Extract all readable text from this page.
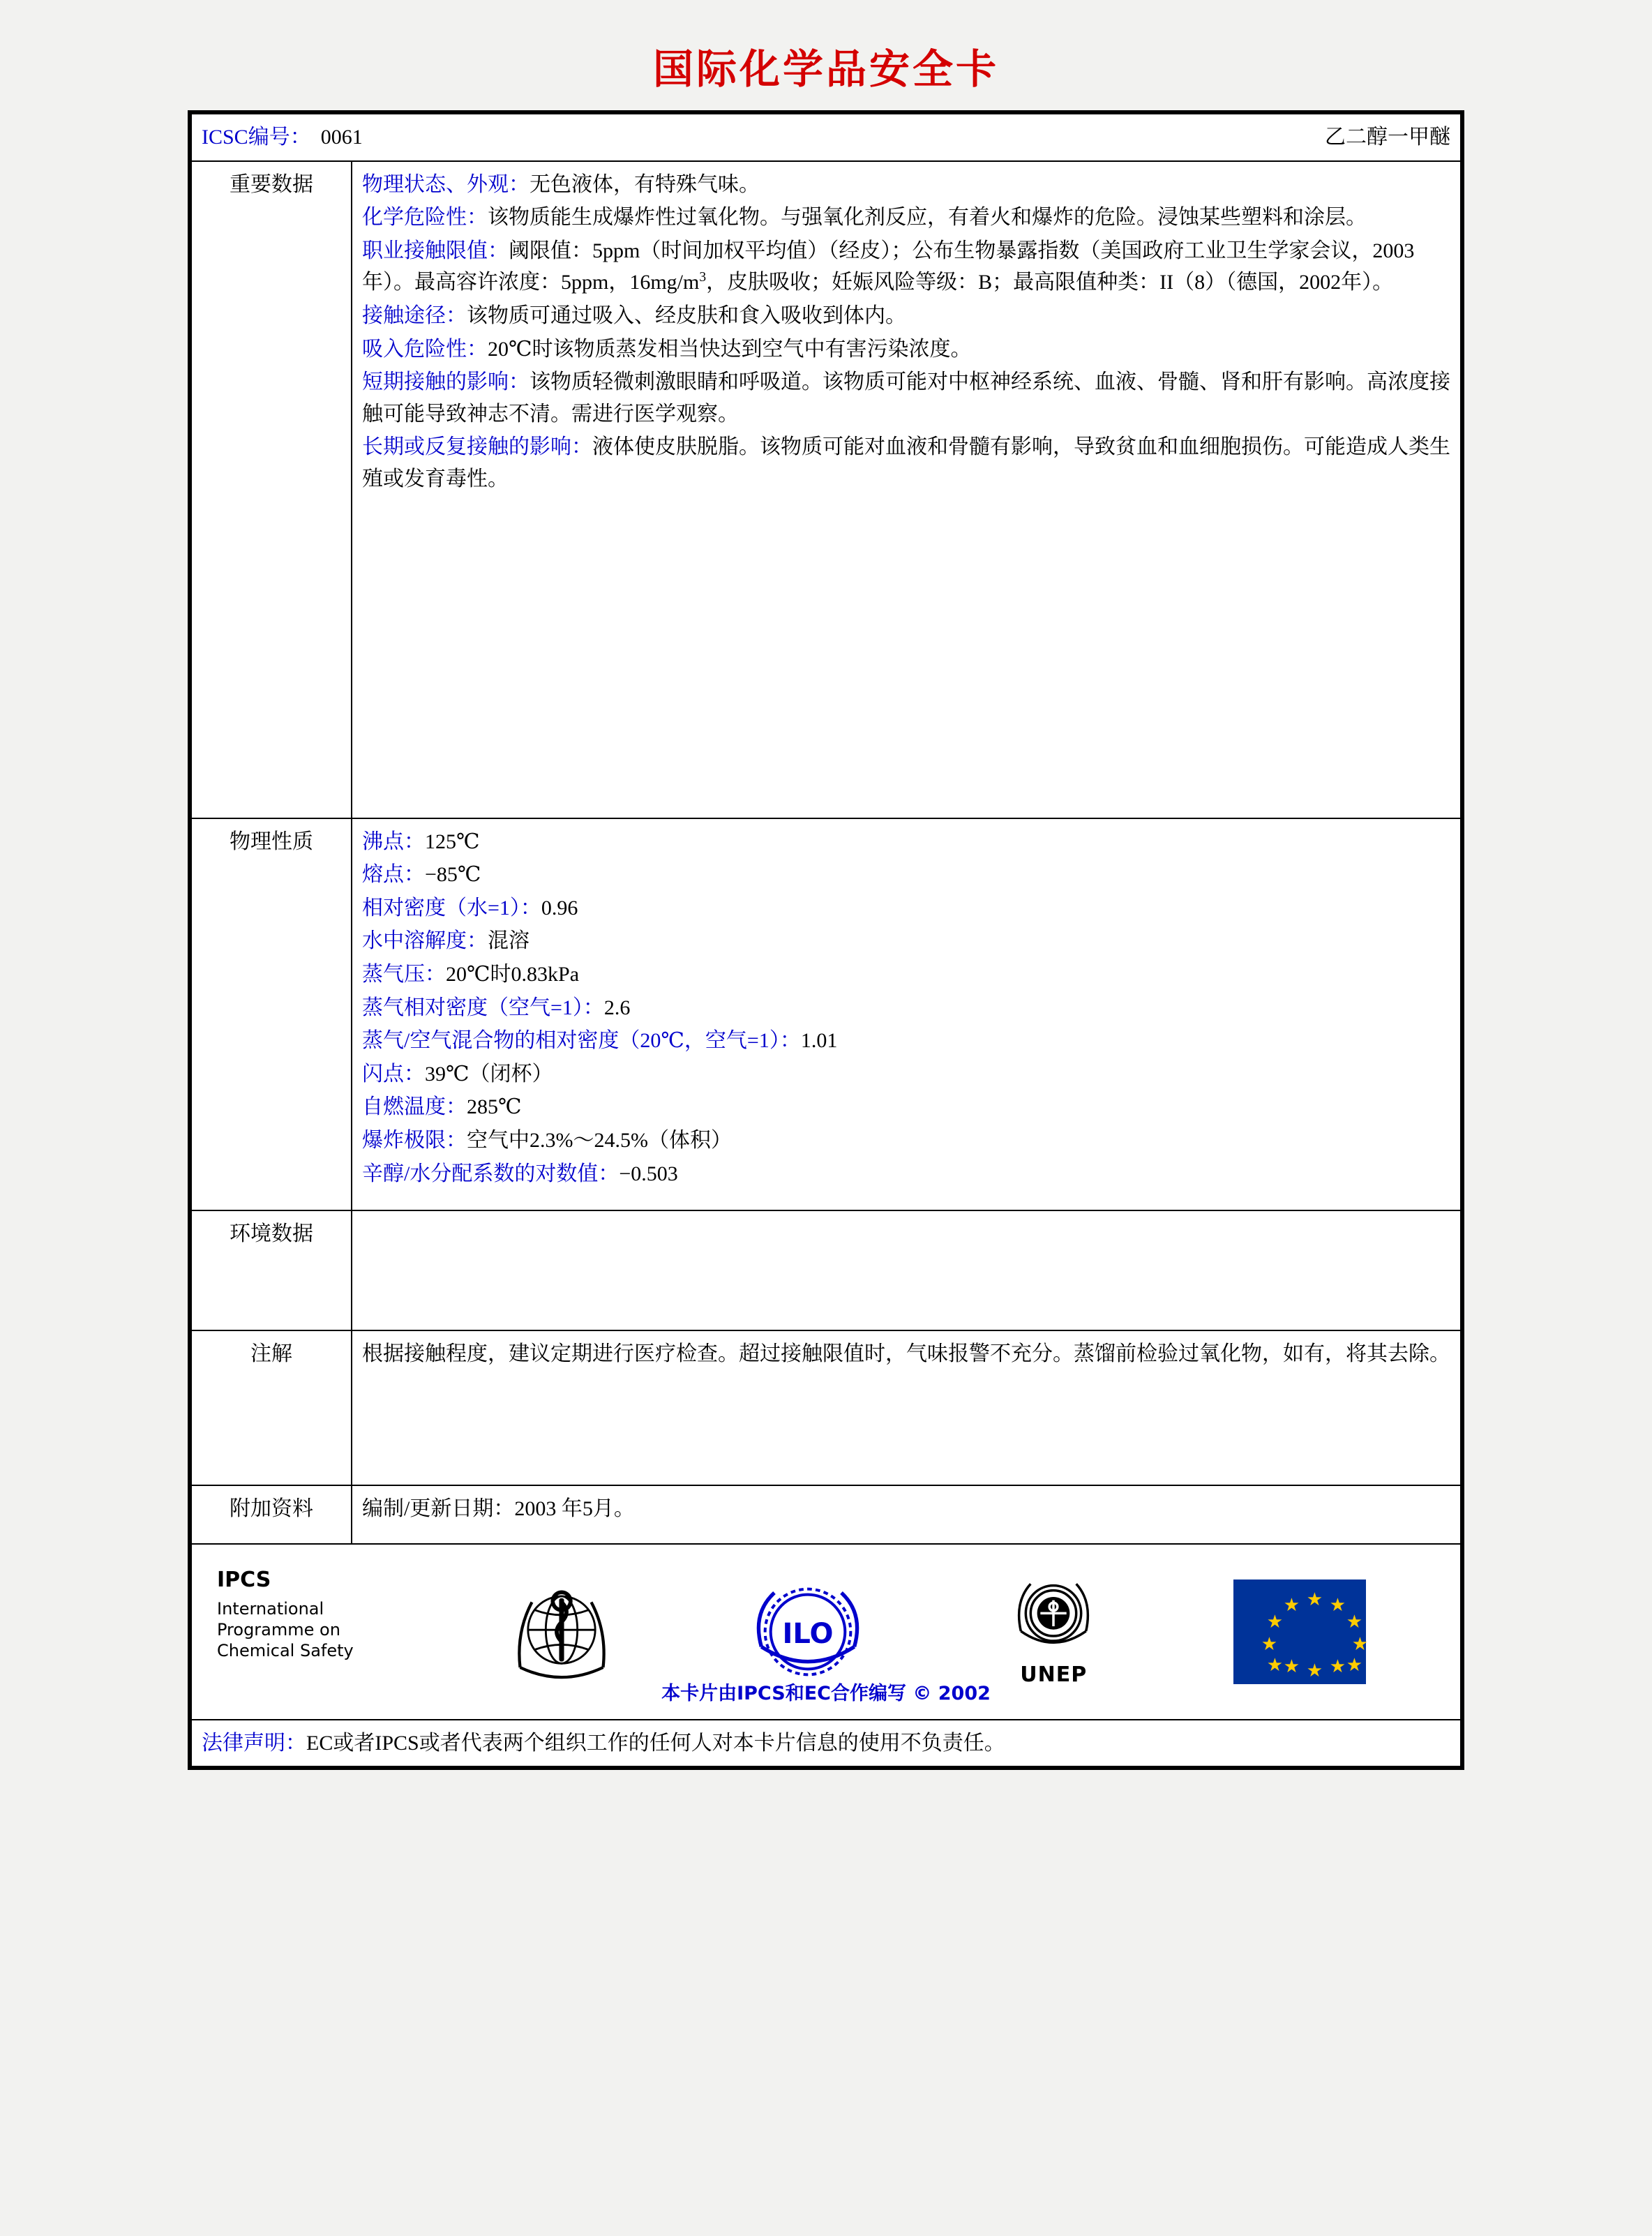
国际化学品安全卡
ICSC编号： 0061	乙二醇一甲醚

重要数据	物理状态、外观：无色液体，有特殊气味。

化学危险性：该物质能生成爆炸性过氧化物。与强氧化剂反应，有着火和爆炸的危险。浸蚀某些塑料和涂层。

职业接触限值：阈限值：5ppm（时间加权平均值）（经皮）；公布生物暴露指数（美国政府工业卫生学家会议，2003年）。最高容许浓度：5ppm，$16mg/m^3$，皮肤吸收；妊娠风险等级：B；最高限值种类：II（8）（德国，2002年）。

接触途径：该物质可通过吸入、经皮肤和食入吸收到体内。

吸入危险性：20℃时该物质蒸发相当快达到空气中有害污染浓度。

短期接触的影响：该物质轻微刺激眼睛和呼吸道。该物质可能对中枢神经系统、血液、骨髓、肾和肝有影响。高浓度接触可能导致神志不清。需进行医学观察。

长期或反复接触的影响：液体使皮肤脱脂。该物质可能对血液和骨髓有影响，导致贫血和血细胞损伤。可能造成人类生殖或发育毒性。

物理性质	沸点：125℃

熔点：−85℃

相对密度（水=1）：0.96

水中溶解度：混溶

蒸气压：20℃时0.83kPa

蒸气相对密度（空气=1）：2.6

蒸气/空气混合物的相对密度（20℃，空气=1）：1.01

闪点：39℃（闭杯）

自燃温度：285℃

爆炸极限：空气中2.3%～24.5%（体积）

辛醇/水分配系数的对数值：−0.503

环境数据	
注解	根据接触程度，建议定期进行医疗检查。超过接触限值时，气味报警不充分。蒸馏前检验过氧化物，如有，将其去除。

附加资料	编制/更新日期：2003 年5月。

IPCS
International Programme on Chemical Safety
ILO
UNEP
★ ★
★
★
★
★
★
★
★
★
★
★
本卡片由IPCS和EC合作编写 © 2002

法律声明：EC或者IPCS或者代表两个组织工作的任何人对本卡片信息的使用不负责任。
